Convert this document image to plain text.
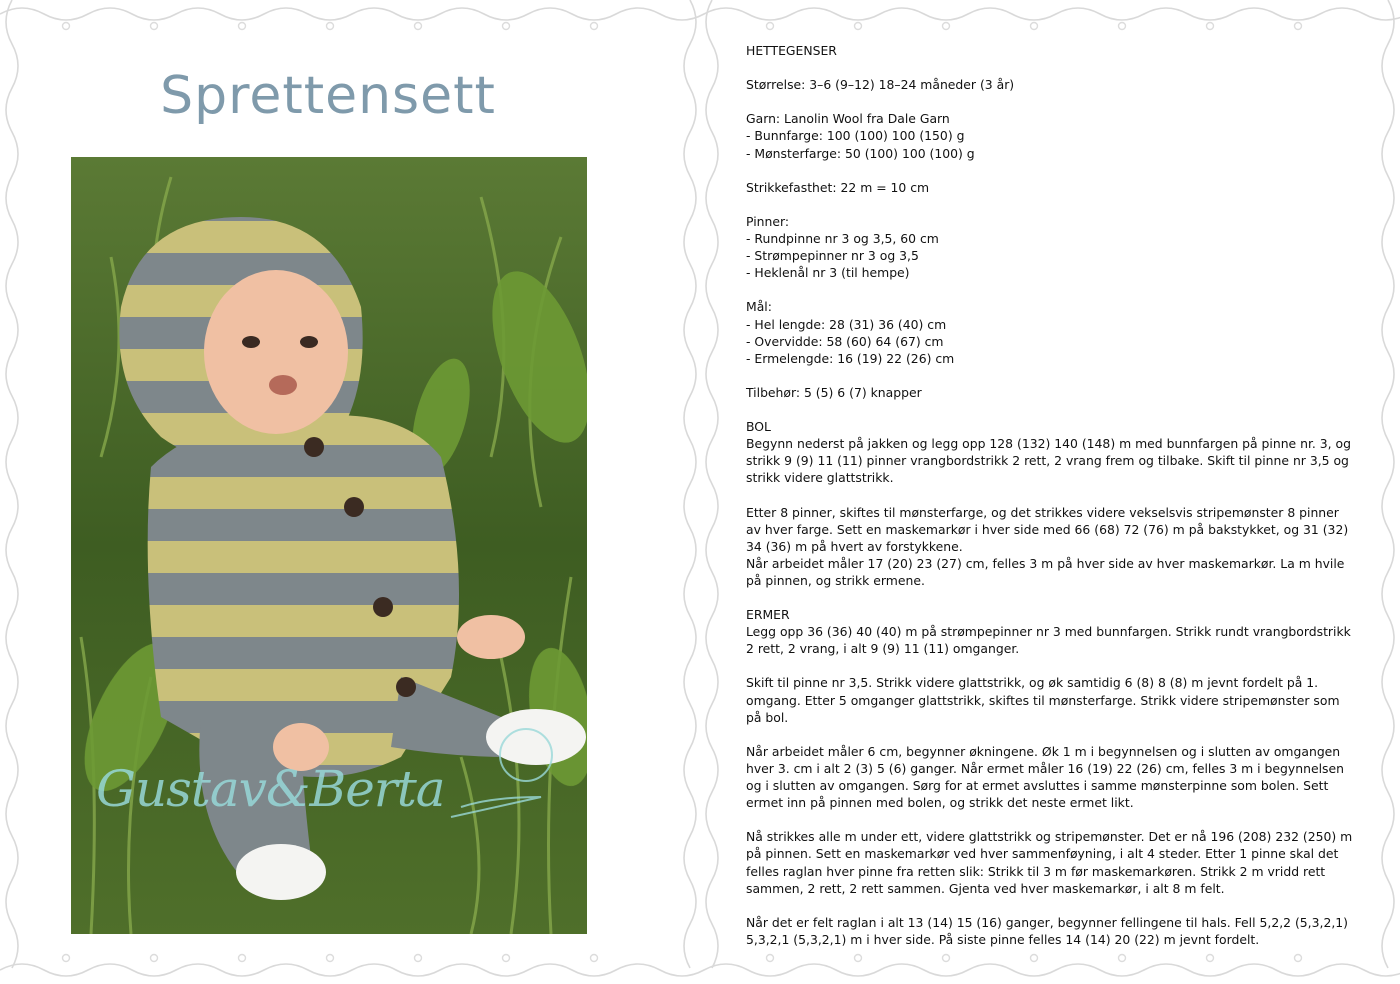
Sprettensett
Gustav&Berta

HETTEGENSER

Størrelse: 3–6 (9–12) 18–24 måneder (3 år)

Garn: Lanolin Wool fra Dale Garn
- Bunnfarge: 100 (100) 100 (150) g
- Mønsterfarge: 50 (100) 100 (100) g

Strikkefasthet: 22 m = 10 cm

Pinner:
- Rundpinne nr 3 og 3,5, 60 cm
- Strømpepinner nr 3 og 3,5
- Heklenål nr 3 (til hempe)

Mål:
- Hel lengde: 28 (31) 36 (40) cm
- Overvidde: 58 (60) 64 (67) cm
- Ermelengde: 16 (19) 22 (26) cm

Tilbehør: 5 (5) 6 (7) knapper

BOL
Begynn nederst på jakken og legg opp 128 (132) 140 (148) m med bunnfargen på pinne nr. 3, og strikk 9 (9) 11 (11) pinner vrangbordstrikk 2 rett, 2 vrang frem og tilbake. Skift til pinne nr 3,5 og strikk videre glattstrikk.

Etter 8 pinner, skiftes til mønsterfarge, og det strikkes videre vekselsvis stripemønster 8 pinner av hver farge. Sett en maskemarkør i hver side med 66 (68) 72 (76) m på bakstykket, og 31 (32) 34 (36) m på hvert av forstykkene.
Når arbeidet måler 17 (20) 23 (27) cm, felles 3 m på hver side av hver maskemarkør. La m hvile på pinnen, og strikk ermene.

ERMER
Legg opp 36 (36) 40 (40) m på strømpepinner nr 3 med bunnfargen. Strikk rundt vrangbordstrikk 2 rett, 2 vrang, i alt 9 (9) 11 (11) omganger.

Skift til pinne nr 3,5. Strikk videre glattstrikk, og øk samtidig 6 (8) 8 (8) m jevnt fordelt på 1. omgang. Etter 5 omganger glattstrikk, skiftes til mønsterfarge. Strikk videre stripemønster som på bol.

Når arbeidet måler 6 cm, begynner økningene. Øk 1 m i begynnelsen og i slutten av omgangen hver 3. cm i alt 2 (3) 5 (6) ganger. Når ermet måler 16 (19) 22 (26) cm, felles 3 m i begynnelsen og i slutten av omgangen. Sørg for at ermet avsluttes i samme mønsterpinne som bolen. Sett ermet inn på pinnen med bolen, og strikk det neste ermet likt.

Nå strikkes alle m under ett, videre glattstrikk og stripemønster. Det er nå 196 (208) 232 (250) m på pinnen. Sett en maskemarkør ved hver sammenføyning, i alt 4 steder. Etter 1 pinne skal det felles raglan hver pinne fra retten slik: Strikk til 3 m før maskemarkøren. Strikk 2 m vridd rett sammen, 2 rett, 2 rett sammen. Gjenta ved hver maskemarkør, i alt 8 m felt.

Når det er felt raglan i alt 13 (14) 15 (16) ganger, begynner fellingene til hals. Fell 5,2,2 (5,3,2,1) 5,3,2,1 (5,3,2,1) m i hver side. På siste pinne felles 14 (14) 20 (22) m jevnt fordelt.
